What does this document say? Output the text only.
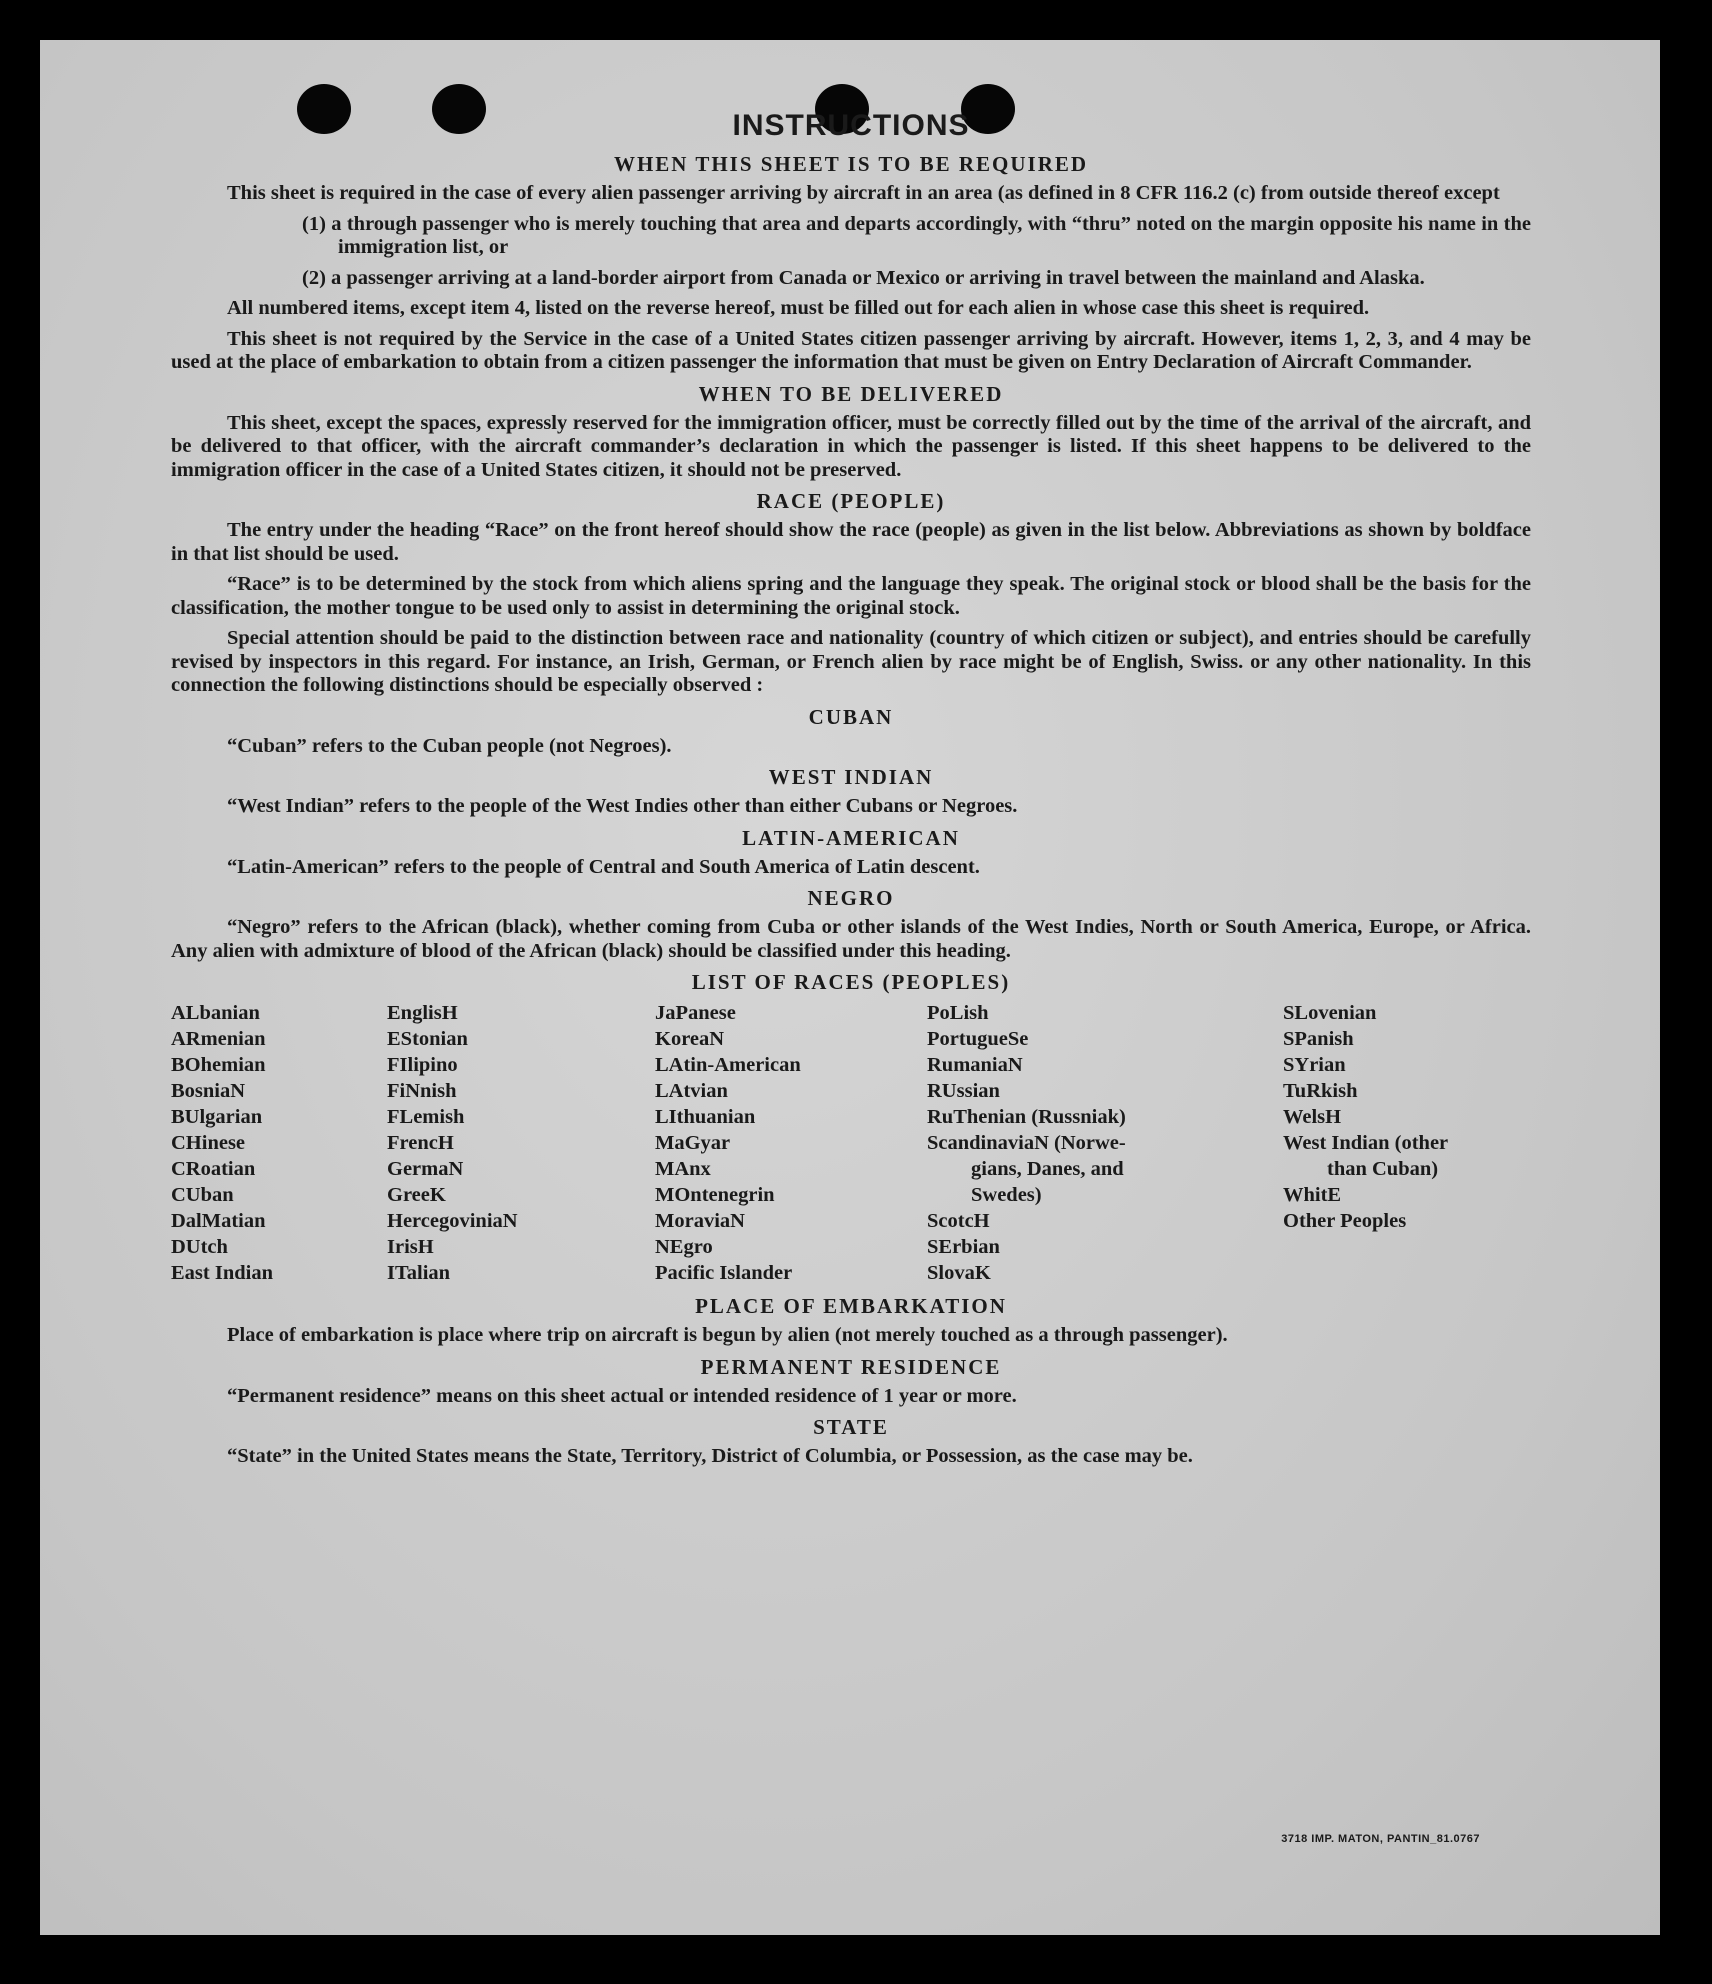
INSTRUCTIONS
WHEN THIS SHEET IS TO BE REQUIRED

This sheet is required in the case of every alien passenger arriving by aircraft in an area (as defined in 8 CFR 116.2 (c) from outside thereof except

(1) a through passenger who is merely touching that area and departs accordingly, with “thru” noted on the margin opposite his name in the immigration list, or

(2) a passenger arriving at a land-border airport from Canada or Mexico or arriving in travel between the mainland and Alaska.

All numbered items, except item 4, listed on the reverse hereof, must be filled out for each alien in whose case this sheet is required.

This sheet is not required by the Service in the case of a United States citizen passenger arriving by aircraft. However, items 1, 2, 3, and 4 may be used at the place of embarkation to obtain from a citizen passenger the information that must be given on Entry Declaration of Aircraft Commander.

WHEN TO BE DELIVERED

This sheet, except the spaces, expressly reserved for the immigration officer, must be correctly filled out by the time of the arrival of the aircraft, and be delivered to that officer, with the aircraft commander’s declaration in which the passenger is listed. If this sheet happens to be delivered to the immigration officer in the case of a United States citizen, it should not be preserved.

RACE (PEOPLE)

The entry under the heading “Race” on the front hereof should show the race (people) as given in the list below. Abbreviations as shown by boldface in that list should be used.

“Race” is to be determined by the stock from which aliens spring and the language they speak. The original stock or blood shall be the basis for the classification, the mother tongue to be used only to assist in determining the original stock.

Special attention should be paid to the distinction between race and nationality (country of which citizen or subject), and entries should be carefully revised by inspectors in this regard. For instance, an Irish, German, or French alien by race might be of English, Swiss. or any other nationality. In this connection the following distinctions should be especially observed :

CUBAN

“Cuban” refers to the Cuban people (not Negroes).

WEST INDIAN

“West Indian” refers to the people of the West Indies other than either Cubans or Negroes.

LATIN-AMERICAN

“Latin-American” refers to the people of Central and South America of Latin descent.

NEGRO

“Negro” refers to the African (black), whether coming from Cuba or other islands of the West Indies, North or South America, Europe, or Africa. Any alien with admixture of blood of the African (black) should be classified under this heading.

LIST OF RACES (PEOPLES)
ALbanian
ARmenian
BOhemian
BosniaN
BUlgarian
CHinese
CRoatian
CUban
DalMatian
DUtch
East Indian
EnglisH
EStonian
FIlipino
FiNnish
FLemish
FrencH
GermaN
GreeK
HercegoviniaN
IrisH
ITalian
JaPanese
KoreaN
LAtin-American
LAtvian
LIthuanian
MaGyar
MAnx
MOntenegrin
MoraviaN
NEgro
Pacific Islander
PoLish
PortugueSe
RumaniaN
RUssian
RuThenian (Russniak)
ScandinaviaN (Norwe-
gians, Danes, and
Swedes)
ScotcH
SErbian
SlovaK
SLovenian
SPanish
SYrian
TuRkish
WelsH
West Indian (other
than Cuban)
WhitE
Other Peoples
PLACE OF EMBARKATION

Place of embarkation is place where trip on aircraft is begun by alien (not merely touched as a through passenger).

PERMANENT RESIDENCE

“Permanent residence” means on this sheet actual or intended residence of 1 year or more.

STATE

“State” in the United States means the State, Territory, District of Columbia, or Possession, as the case may be.

3718 IMP. MATON, PANTIN_81.0767
